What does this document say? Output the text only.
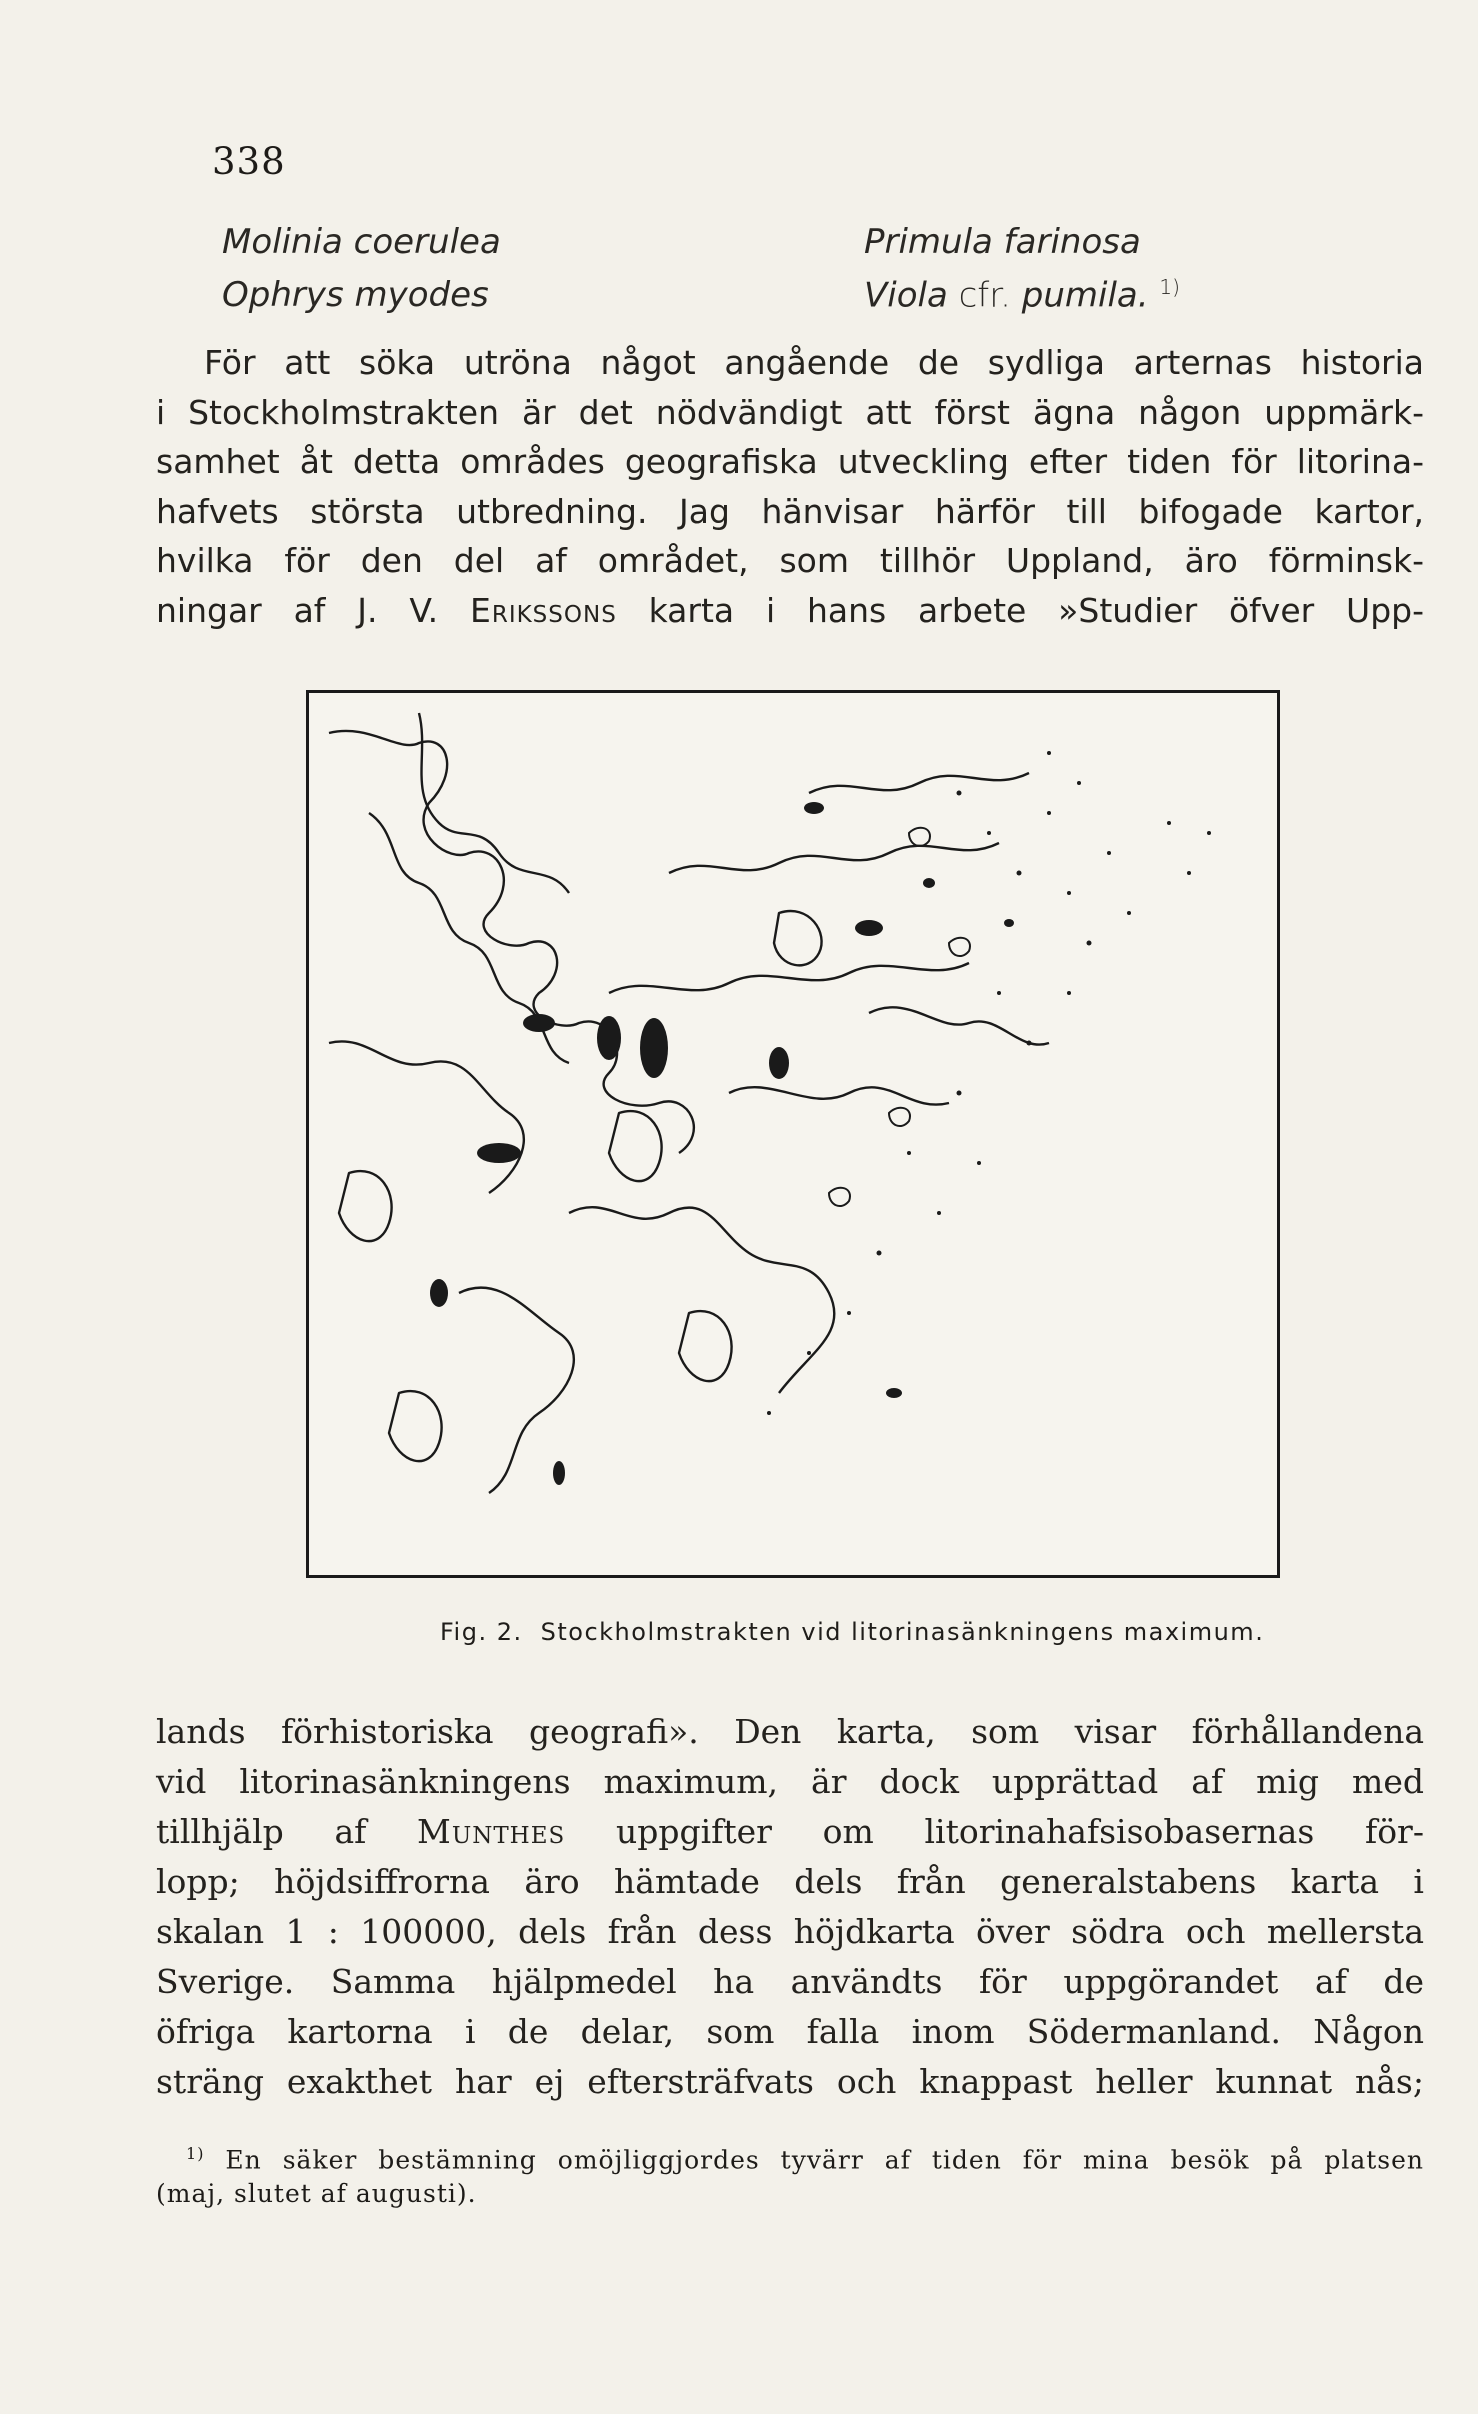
338
Molinia coerulea	Primula farinosa
Ophrys myodes	Viola cfr. pumila. $^{1)}$
För att söka utröna något angående de sydliga arternas historia
i Stockholmstrakten är det nödvändigt att först ägna någon uppmärk-
samhet åt detta områdes geografiska utveckling efter tiden för litorina-
hafvets största utbredning. Jag hänvisar härför till bifogade kartor,
hvilka för den del af området, som tillhör Uppland, äro förminsk-
ningar af J. V. Erikssons karta i hans arbete »Studier öfver Upp-
Fig. 2. Stockholmstrakten vid litorinasänkningens maximum.
lands förhistoriska geografi». Den karta, som visar förhållandena
vid litorinasänkningens maximum, är dock upprättad af mig med
tillhjälp af Munthes uppgifter om litorinahafsisobasernas för-
lopp; höjdsiffrorna äro hämtade dels från generalstabens karta i
skalan 1 : 100000, dels från dess höjdkarta över södra och mellersta
Sverige. Samma hjälpmedel ha användts för uppgörandet af de
öfriga kartorna i de delar, som falla inom Södermanland. Någon
sträng exakthet har ej eftersträfvats och knappast heller kunnat nås;
$^{1)}$ En säker bestämning omöjliggjordes tyvärr af tiden för mina besök på platsen
(maj, slutet af augusti).
